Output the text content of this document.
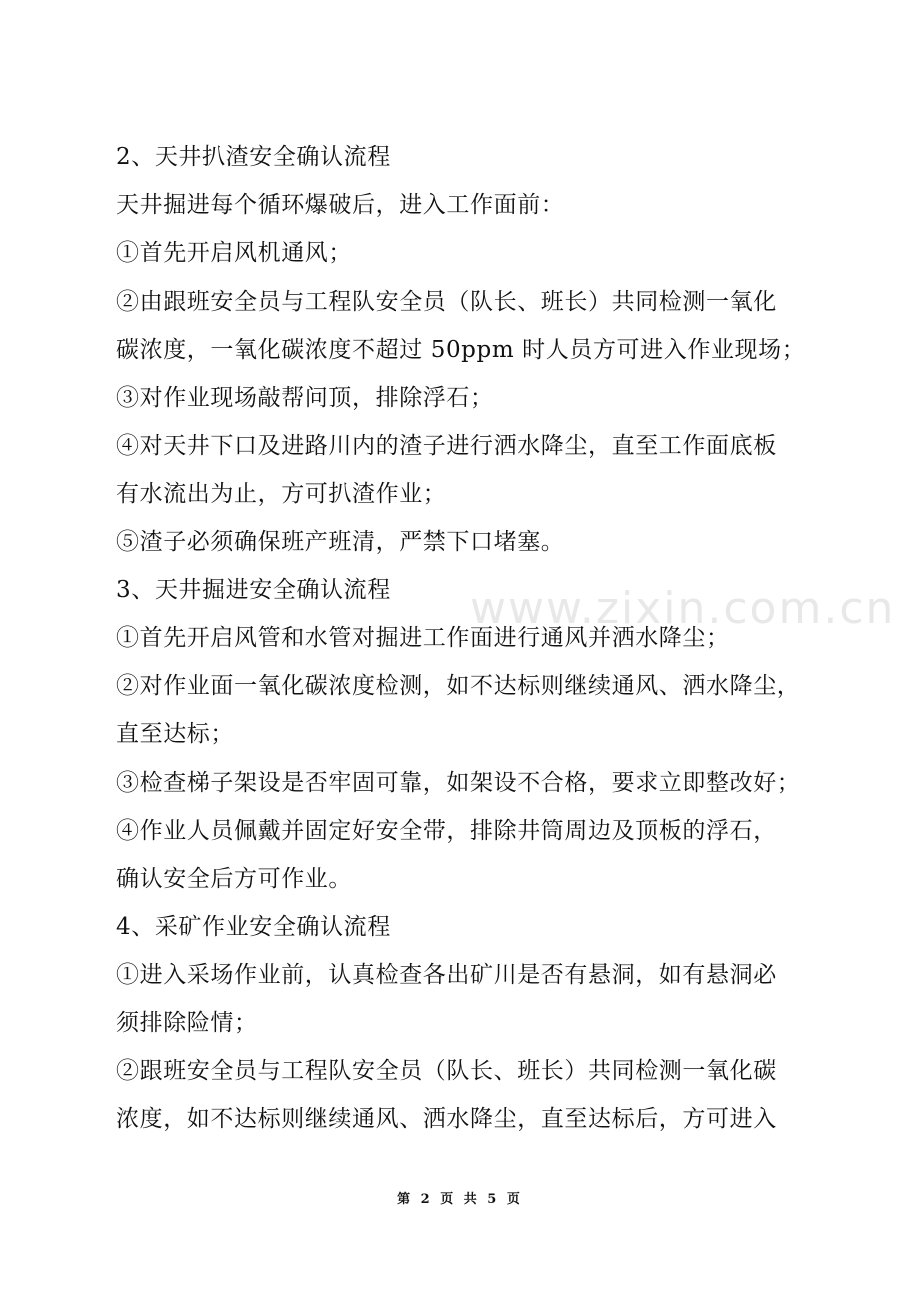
www.zixin.com.cn
2、天井扒渣安全确认流程
天井掘进每个循环爆破后，进入工作面前：
①首先开启风机通风；
②由跟班安全员与工程队安全员（队长、班长）共同检测一氧化
碳浓度，一氧化碳浓度不超过 50ppm 时人员方可进入作业现场；
③对作业现场敲帮问顶，排除浮石；
④对天井下口及进路川内的渣子进行洒水降尘，直至工作面底板
有水流出为止，方可扒渣作业；
⑤渣子必须确保班产班清，严禁下口堵塞。
3、天井掘进安全确认流程
①首先开启风管和水管对掘进工作面进行通风并洒水降尘；
②对作业面一氧化碳浓度检测，如不达标则继续通风、洒水降尘，
直至达标；
③检查梯子架设是否牢固可靠，如架设不合格，要求立即整改好；
④作业人员佩戴并固定好安全带，排除井筒周边及顶板的浮石，
确认安全后方可作业。
4、采矿作业安全确认流程
①进入采场作业前，认真检查各出矿川是否有悬洞，如有悬洞必
须排除险情；
②跟班安全员与工程队安全员（队长、班长）共同检测一氧化碳
浓度，如不达标则继续通风、洒水降尘，直至达标后，方可进入
第 2 页 共 5 页
